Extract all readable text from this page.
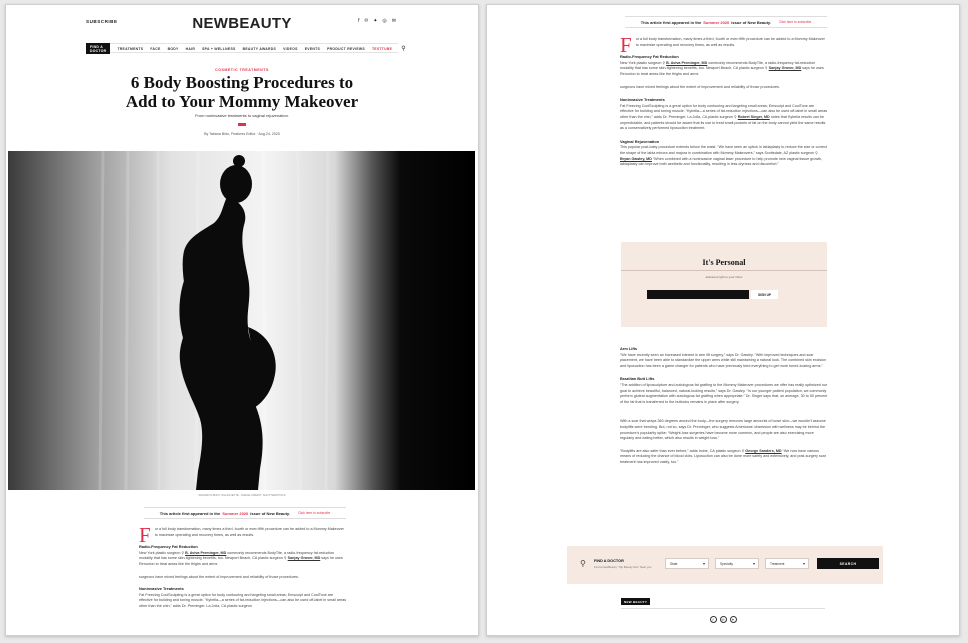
SUBSCRIBE	NEWBEAUTY	f ℗ ✦ ◎ ✉
FIND A DOCTOR	TREATMENTS FACE BODY HAIR SPA + WELLNESS BEAUTY AWARDS VIDEOS EVENTS PRODUCT REVIEWS TESTTUBE ⚲
COSMETIC TREATMENTS
6 Body Boosting Procedures to
Add to Your Mommy Makeover
From noninvasive treatments to vaginal rejuvenation.
By Tatiana Bido, Features Editor · Aug 24, 2020
WOMAN'S BODY SILHOUETTE - IMAGE CREDIT: SHUTTERSTOCK
This article first appeared in the Summer 2020 issue of New Beauty.	Click here to subscribe
F	or a full body transformation, many times a third, fourth or even fifth procedure can be added to a Mommy Makeover to maximize operating and recovery times, as well as results.

Radio-Frequency Fat Reduction

New York plastic surgeon ⚲ B. Aviva Preminger, MD commonly recommends BodyTite, a radio-frequency fat-reduction modality that has some skin-tightening benefits, too. Newport Beach, CA plastic surgeon ⚲ Sanjay Grover, MD says he uses Renuvion to treat areas like the thighs and arms

surgeons have mixed feelings about the extent of improvement and reliability of those procedures.

Noninvasive Treatments

Fat Freezing CoolSculpting is a great option for body contouring and targeting small areas; Emsculpt and CoolTone are effective for building and toning muscle. “Kybella—a series of fat-reduction injections—can also be used off-label in small areas other than the chin,” adds Dr. Preminger. La Jolla, CA plastic surgeon

This article first appeared in the Summer 2020 issue of New Beauty.	Click here to subscribe
F	or a full body transformation, many times a third, fourth or even fifth procedure can be added to a Mommy Makeover to maximize operating and recovery times, as well as results.

Radio-Frequency Fat Reduction

New York plastic surgeon ⚲ B. Aviva Preminger, MD commonly recommends BodyTite, a radio-frequency fat-reduction modality that has some skin-tightening benefits, too. Newport Beach, CA plastic surgeon ⚲ Sanjay Grover, MD says he uses Renuvion to treat areas like the thighs and arms

surgeons have mixed feelings about the extent of improvement and reliability of those procedures.

Noninvasive Treatments

Fat Freezing CoolSculpting is a great option for body contouring and targeting small areas; Emsculpt and CoolTone are effective for building and toning muscle. “Kybella—a series of fat-reduction injections—can also be used off-label in small areas other than the chin,” adds Dr. Preminger. La Jolla, CA plastic surgeon ⚲ Robert Singer, MD notes that Kybella results can be unpredictable, and patients should be aware that its use to treat small pockets of fat on the body cannot yield the same results as a conservatively performed liposuction treatment.

Vaginal Rejuvenation

This popular post-baby procedure extends below the waist. “We have seen an uptick in labiaplasty to reduce the size or correct the shape of the labia minora and majora in combination with Mommy Makeovers,” says Scottsdale, AZ plastic surgeon ⚲ Bryan Gawley, MD “When combined with a noninvasive vaginal laser procedure to help promote new vaginal tissue growth, labiaplasty can improve both aesthetic and functionality, resulting in less dryness and discomfort.”

It's Personal
delivered right to your inbox
SIGN UP
Arm Lifts

“We have recently seen an increased interest in arm lift surgery,” says Dr. Gawley. “With improved techniques and scar placement, we have been able to standardize the upper arms while still maintaining a natural look. The combined skin excision and liposuction has been a game changer for patients who have previously tried everything to get more toned-looking arms.”

Brazilian Butt Lifts

“The addition of liposculpture and autologous fat grafting to the Mommy Makeover procedures we offer has really optimized our goal to achieve beautiful, balanced, natural-looking results,” says Dr. Gawley. “In our younger patient population, we commonly perform gluteal augmentation with autologous fat grafting when appropriate.” Dr. Singer says that, on average, 30 to 50 percent of the fat that is transferred to the buttocks remains in place after surgery.

With a scar that wraps 360 degrees around the body—the surgery removes large amounts of loose skin—we wouldn’t assume bodylifts were trending. But, not so, says Dr. Preminger, who suggests Americans’ obsession with wellness may be behind the procedure’s popularity spike: “Weight-loss surgeries have become more common, and people are also exercising more regularly and eating better, which also results in weight loss.”

“Bodylifts are also safer than ever before,” adds Irvine, CA plastic surgeon ⚲ George Sanders, MD “We now have various means of reducing the chance of blood clots. Liposuction can also be done more safely and extensively, and post-surgery scar treatment has improved vastly, too.”

⚲ FIND A DOCTOR
Find a NewBeauty “Top Beauty Doc” Near you.
State ▾	Specialty ▾	Treatment ▾	SEARCH
NEW BEAUTY
f	℗	✦
